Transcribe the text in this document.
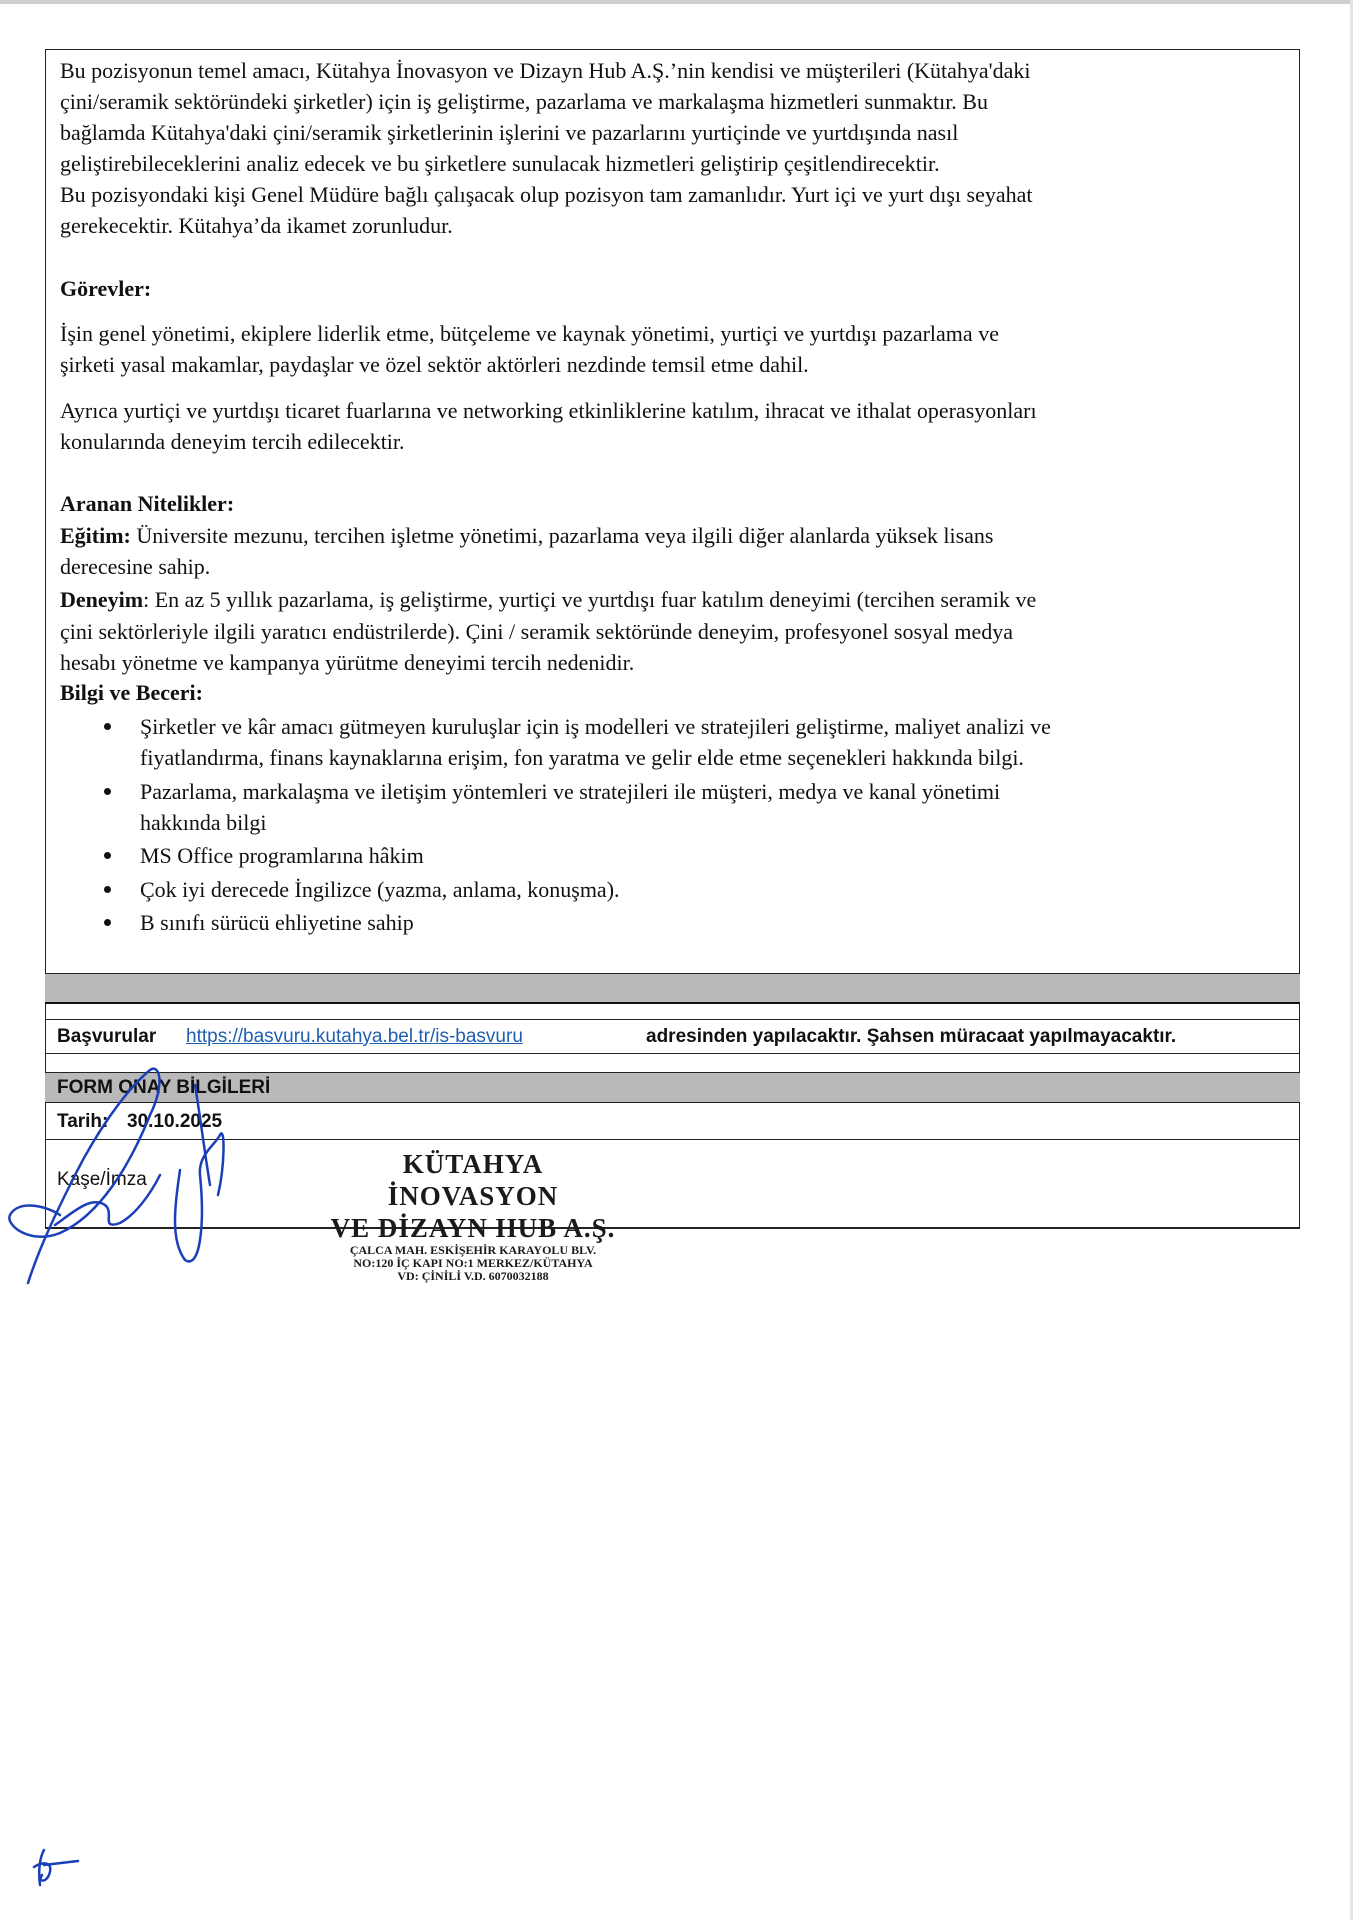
Bu pozisyonun temel amacı, Kütahya İnovasyon ve Dizayn Hub A.Ş.’nin kendisi ve müşterileri (Kütahya'daki
çini/seramik sektöründeki şirketler) için iş geliştirme, pazarlama ve markalaşma hizmetleri sunmaktır. Bu
bağlamda Kütahya'daki çini/seramik şirketlerinin işlerini ve pazarlarını yurtiçinde ve yurtdışında nasıl
geliştirebileceklerini analiz edecek ve bu şirketlere sunulacak hizmetleri geliştirip çeşitlendirecektir.
Bu pozisyondaki kişi Genel Müdüre bağlı çalışacak olup pozisyon tam zamanlıdır. Yurt içi ve yurt dışı seyahat
gerekecektir. Kütahya’da ikamet zorunludur.
Görevler:
İşin genel yönetimi, ekiplere liderlik etme, bütçeleme ve kaynak yönetimi, yurtiçi ve yurtdışı pazarlama ve
şirketi yasal makamlar, paydaşlar ve özel sektör aktörleri nezdinde temsil etme dahil.
Ayrıca yurtiçi ve yurtdışı ticaret fuarlarına ve networking etkinliklerine katılım, ihracat ve ithalat operasyonları
konularında deneyim tercih edilecektir.
Aranan Nitelikler:
Eğitim: Üniversite mezunu, tercihen işletme yönetimi, pazarlama veya ilgili diğer alanlarda yüksek lisans
derecesine sahip.
Deneyim: En az 5 yıllık pazarlama, iş geliştirme, yurtiçi ve yurtdışı fuar katılım deneyimi (tercihen seramik ve
çini sektörleriyle ilgili yaratıcı endüstrilerde). Çini / seramik sektöründe deneyim, profesyonel sosyal medya
hesabı yönetme ve kampanya yürütme deneyimi tercih nedenidir.
Bilgi ve Beceri:
Şirketler ve kâr amacı gütmeyen kuruluşlar için iş modelleri ve stratejileri geliştirme, maliyet analizi ve
fiyatlandırma, finans kaynaklarına erişim, fon yaratma ve gelir elde etme seçenekleri hakkında bilgi.
Pazarlama, markalaşma ve iletişim yöntemleri ve stratejileri ile müşteri, medya ve kanal yönetimi
hakkında bilgi
MS Office programlarına hâkim
Çok iyi derecede İngilizce (yazma, anlama, konuşma).
B sınıfı sürücü ehliyetine sahip
Başvurular https://basvuru.kutahya.bel.tr/is-basvuru	adresinden yapılacaktır. Şahsen müracaat yapılmayacaktır.
FORM ONAY BİLGİLERİ
Tarih: 30.10.2025
Kaşe/İmza
KÜTAHYA İNOVASYON
VE DİZAYN HUB A.Ş.
ÇALCA MAH. ESKİŞEHİR KARAYOLU BLV.
NO:120 İÇ KAPI NO:1 MERKEZ/KÜTAHYA
VD: ÇİNİLİ V.D. 6070032188
